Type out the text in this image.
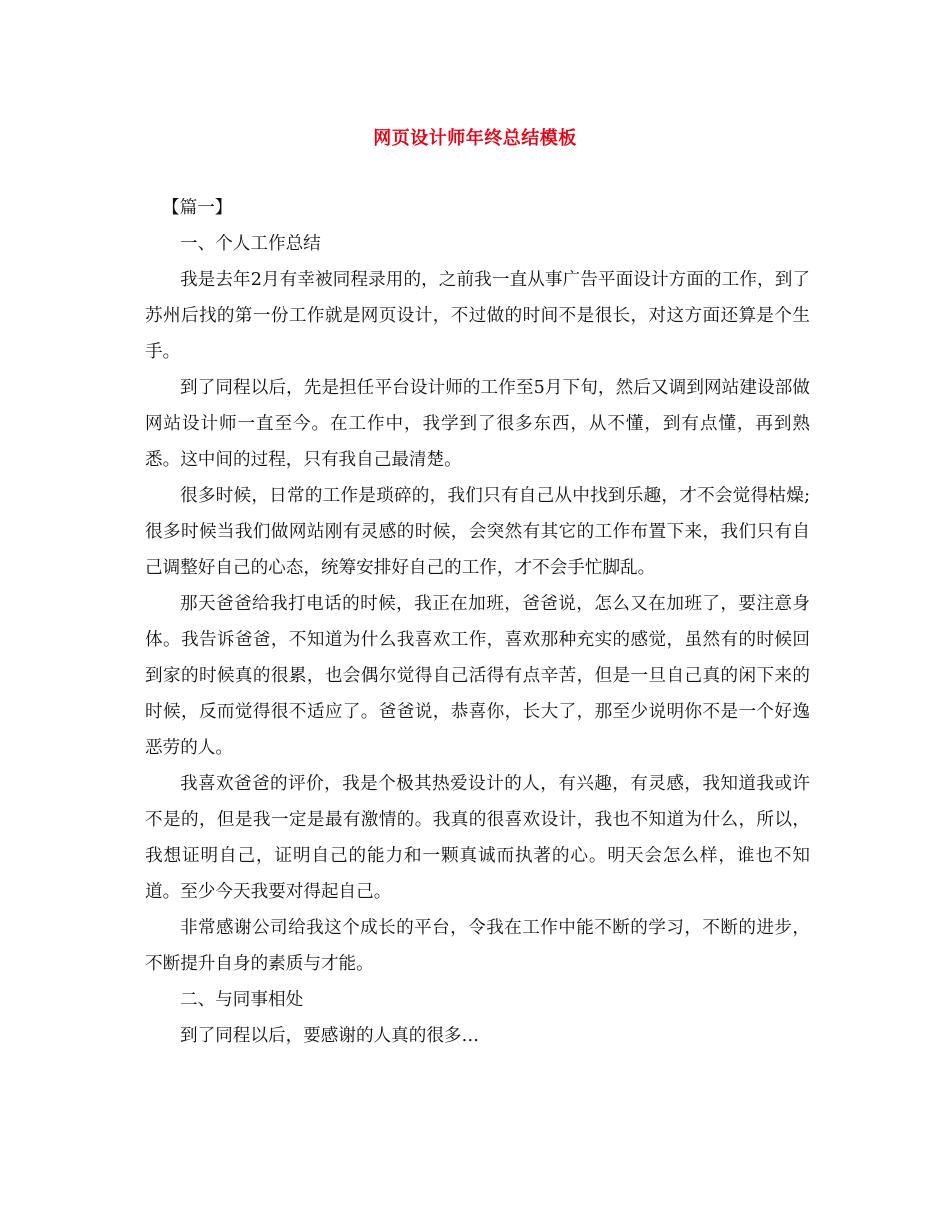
网页设计师年终总结模板

【篇一】

一、个人工作总结

我是去年2月有幸被同程录用的，之前我一直从事广告平面设计方面的工作，到了苏州后找的第一份工作就是网页设计，不过做的时间不是很长，对这方面还算是个生手。

到了同程以后，先是担任平台设计师的工作至5月下旬，然后又调到网站建设部做网站设计师一直至今。在工作中，我学到了很多东西，从不懂，到有点懂，再到熟悉。这中间的过程，只有我自己最清楚。

很多时候，日常的工作是琐碎的，我们只有自己从中找到乐趣，才不会觉得枯燥;很多时候当我们做网站刚有灵感的时候，会突然有其它的工作布置下来，我们只有自己调整好自己的心态，统筹安排好自己的工作，才不会手忙脚乱。

那天爸爸给我打电话的时候，我正在加班，爸爸说，怎么又在加班了，要注意身体。我告诉爸爸，不知道为什么我喜欢工作，喜欢那种充实的感觉，虽然有的时候回到家的时候真的很累，也会偶尔觉得自己活得有点辛苦，但是一旦自己真的闲下来的时候，反而觉得很不适应了。爸爸说，恭喜你，长大了，那至少说明你不是一个好逸恶劳的人。

我喜欢爸爸的评价，我是个极其热爱设计的人，有兴趣，有灵感，我知道我或许不是的，但是我一定是最有激情的。我真的很喜欢设计，我也不知道为什么，所以，我想证明自己，证明自己的能力和一颗真诚而执著的心。明天会怎么样，谁也不知道。至少今天我要对得起自己。

非常感谢公司给我这个成长的平台，令我在工作中能不断的学习，不断的进步，不断提升自身的素质与才能。

二、与同事相处

到了同程以后，要感谢的人真的很多…
